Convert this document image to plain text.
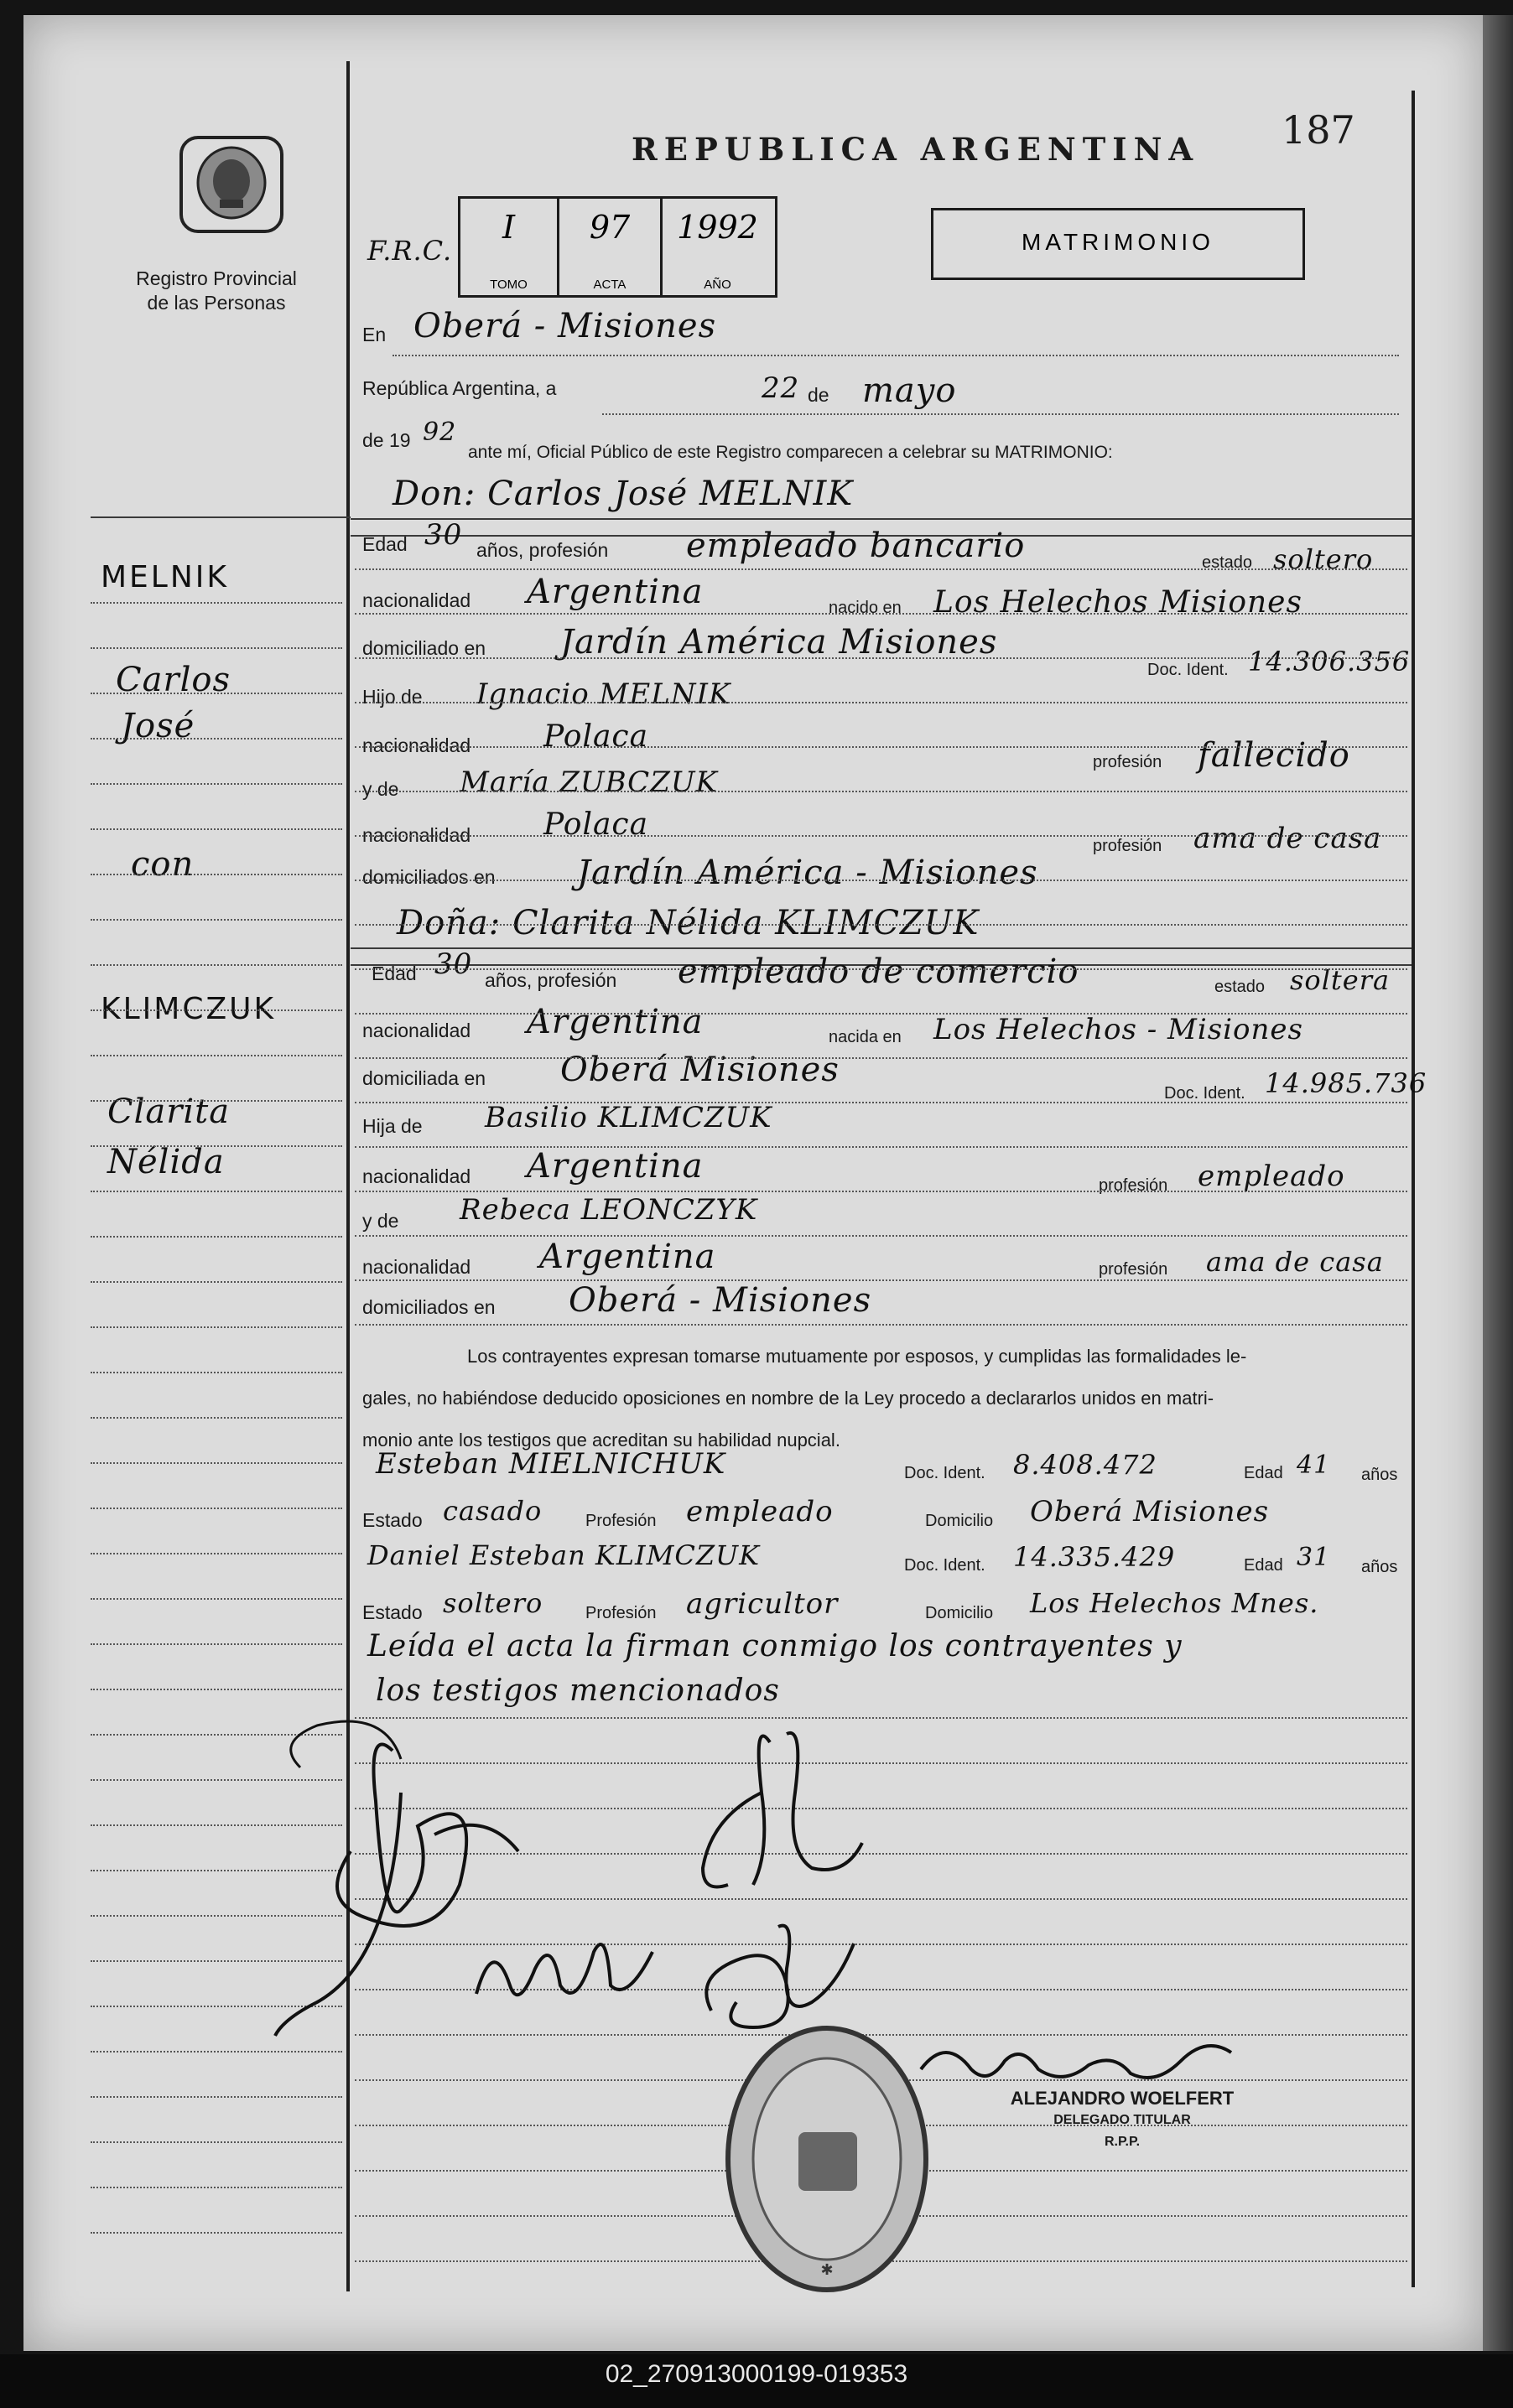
Registro Provincial
de las Personas
REPUBLICA ARGENTINA 187
F.R.C.
I
TOMO
97
ACTA
1992
AÑO
MATRIMONIO
En Oberá - Misiones
República Argentina, a	22 de mayo
de 19 92
ante mí, Oficial Público de este Registro comparecen a celebrar su MATRIMONIO:
MELNIK
Carlos
José
con
KLIMCZUK
Clarita
Nélida
Don: Carlos José MELNIK
Edad 30 años, profesión empleado bancario	estado soltero
nacionalidad Argentina	nacido en Los Helechos Misiones
domiciliado en Jardín América Misiones
Doc. Ident. 14.306.356
Hijo de Ignacio MELNIK
nacionalidad Polaca
profesión fallecido
y de María ZUBCZUK
nacionalidad Polaca
profesión ama de casa
domiciliados en Jardín América - Misiones
Doña: Clarita Nélida KLIMCZUK
Edad 30 años, profesión empleado de comercio	estado soltera
nacionalidad Argentina	nacida en Los Helechos - Misiones
domiciliada en Oberá Misiones
Doc. Ident. 14.985.736
Hija de Basilio KLIMCZUK
nacionalidad Argentina	profesión empleado
y de Rebeca LEONCZYK
nacionalidad Argentina	profesión ama de casa
domiciliados en Oberá - Misiones
Los contrayentes expresan tomarse mutuamente por esposos, y cumplidas las formalidades le-
gales, no habiéndose deducido oposiciones en nombre de la Ley procedo a declararlos unidos en matri-
monio ante los testigos que acreditan su habilidad nupcial.
Esteban MIELNICHUK	Doc. Ident. 8.408.472	Edad 41 años
Estado casado	Profesión empleado	Domicilio Oberá Misiones
Daniel Esteban KLIMCZUK	Doc. Ident. 14.335.429	Edad 31 años
Estado soltero	Profesión agricultor	Domicilio Los Helechos Mnes.
Leída el acta la firman conmigo los contrayentes y
los testigos mencionados
✱
ALEJANDRO WOELFERT
DELEGADO TITULAR
R.P.P.
02_270913000199-019353
